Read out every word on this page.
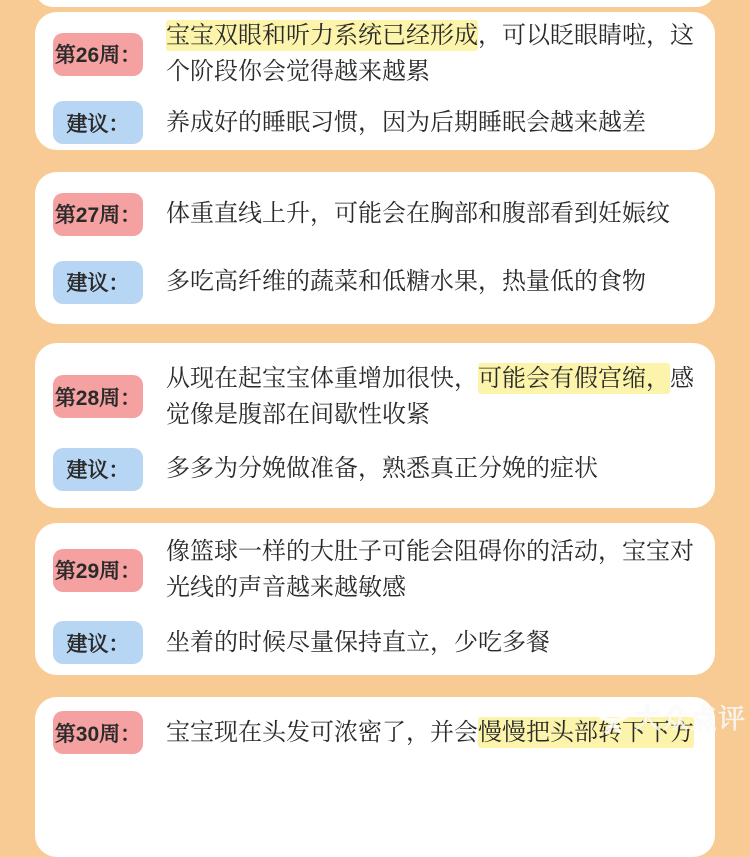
第26周：
宝宝双眼和听力系统已经形成，可以眨眼睛啦，这个阶段你会觉得越来越累
建议：	养成好的睡眠习惯，因为后期睡眠会越来越差
第27周： 体重直线上升，可能会在胸部和腹部看到妊娠纹
建议：	多吃高纤维的蔬菜和低糖水果，热量低的食物
第28周：
从现在起宝宝体重增加很快，可能会有假宫缩，感觉像是腹部在间歇性收紧
建议：	多多为分娩做准备，熟悉真正分娩的症状
第29周：
像篮球一样的大肚子可能会阻碍你的活动，宝宝对光线的声音越来越敏感
建议：	坐着的时候尽量保持直立，少吃多餐
第30周： 宝宝现在头发可浓密了，并会慢慢把头部转下下方
大众点评
